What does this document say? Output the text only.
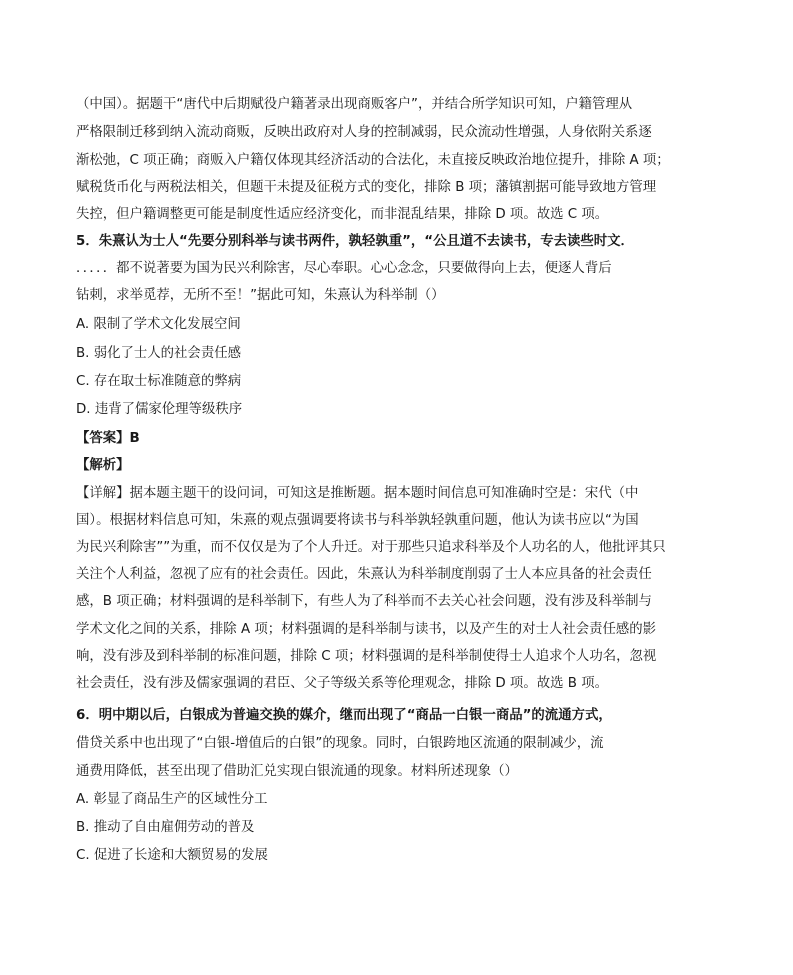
（中国）。据题干“唐代中后期赋役户籍著录出现商贩客户”，并结合所学知识可知，户籍管理从
严格限制迁移到纳入流动商贩，反映出政府对人身的控制减弱，民众流动性增强，人身依附关系逐
渐松弛，C 项正确；商贩入户籍仅体现其经济活动的合法化，未直接反映政治地位提升，排除 A 项；
赋税货币化与两税法相关，但题干未提及征税方式的变化，排除 B 项；藩镇割据可能导致地方管理
失控，但户籍调整更可能是制度性适应经济变化，而非混乱结果，排除 D 项。故选 C 项。
5．朱熹认为士人“先要分别科举与读书两件，孰轻孰重”，“公且道不去读书，专去读些时文．
．．．．．都不说著要为国为民兴利除害，尽心奉职。心心念念，只要做得向上去，便逐人背后
钻刺，求举觅荐，无所不至！”据此可知，朱熹认为科举制（）
A. 限制了学术文化发展空间
B. 弱化了士人的社会责任感
C. 存在取士标准随意的弊病
D. 违背了儒家伦理等级秩序
【答案】B
【解析】
【详解】据本题主题干的设问词，可知这是推断题。据本题时间信息可知准确时空是：宋代（中
国）。根据材料信息可知，朱熹的观点强调要将读书与科举孰轻孰重问题，他认为读书应以“为国
为民兴利除害””为重，而不仅仅是为了个人升迁。对于那些只追求科举及个人功名的人，他批评其只
关注个人利益，忽视了应有的社会责任。因此，朱熹认为科举制度削弱了士人本应具备的社会责任
感，B 项正确；材料强调的是科举制下，有些人为了科举而不去关心社会问题，没有涉及科举制与
学术文化之间的关系，排除 A 项；材料强调的是科举制与读书，以及产生的对士人社会责任感的影
响，没有涉及到科举制的标准问题，排除 C 项；材料强调的是科举制使得士人追求个人功名，忽视
社会责任，没有涉及儒家强调的君臣、父子等级关系等伦理观念，排除 D 项。故选 B 项。
6．明中期以后，白银成为普遍交换的媒介，继而出现了“商品一白银一商品”的流通方式，
借贷关系中也出现了“白银-增值后的白银”的现象。同时，白银跨地区流通的限制减少，流
通费用降低，甚至出现了借助汇兑实现白银流通的现象。材料所述现象（）
A. 彰显了商品生产的区域性分工
B. 推动了自由雇佣劳动的普及
C. 促进了长途和大额贸易的发展
